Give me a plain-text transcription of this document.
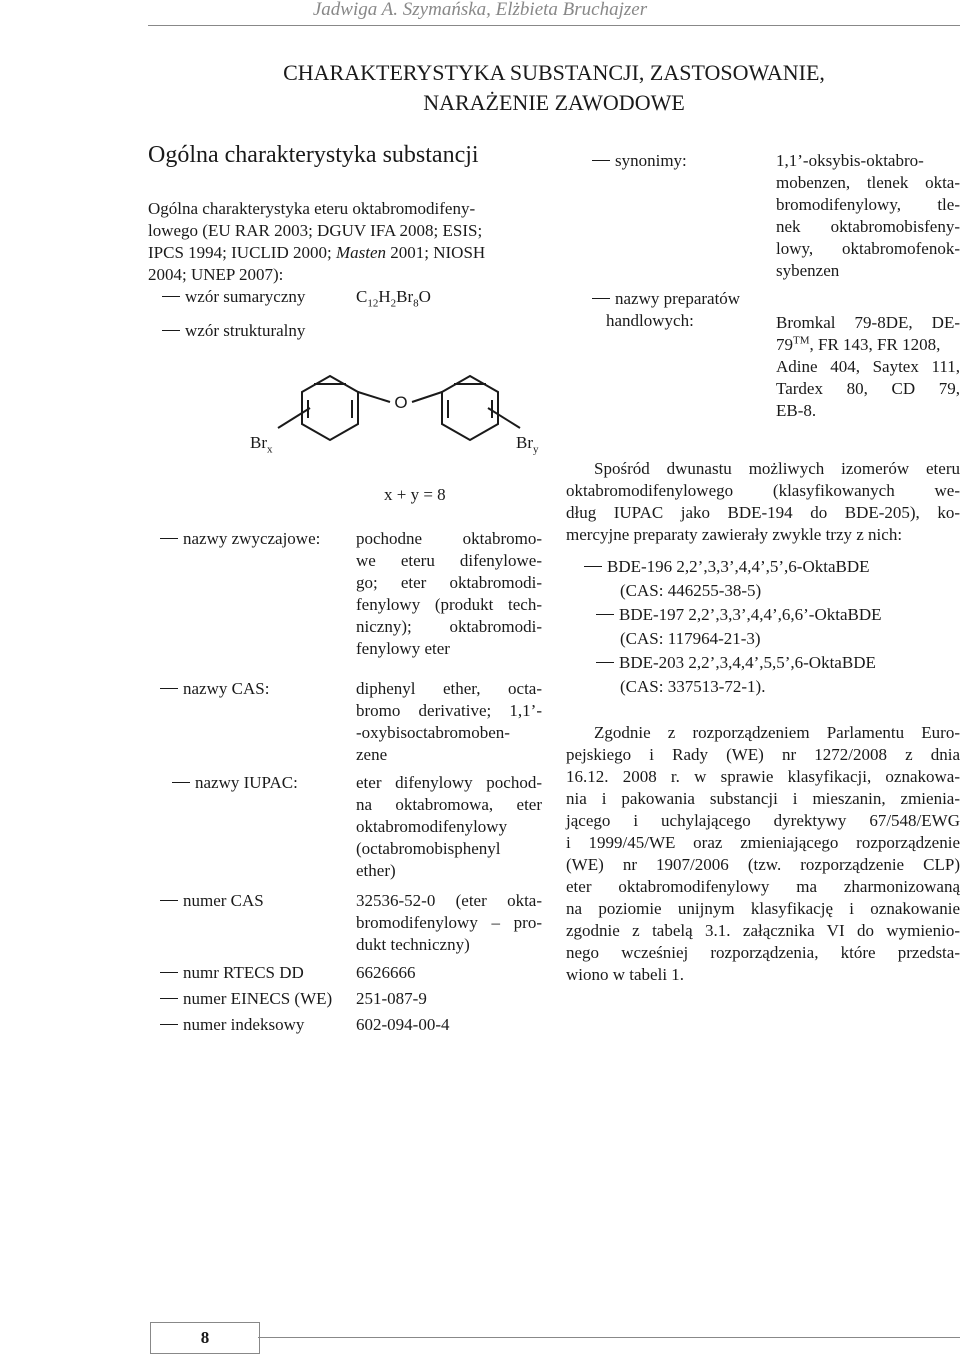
Jadwiga A. Szymańska, Elżbieta Bruchajzer
CHARAKTERYSTYKA SUBSTANCJI, ZASTOSOWANIE,
NARAŻENIE ZAWODOWE
Ogólna charakterystyka substancji
Ogólna charakterystyka eteru oktabromodifeny-
lowego (EU RAR 2003; DGUV IFA 2008; ESIS;
IPCS 1994; IUCLID 2000; Masten 2001; NIOSH
2004; UNEP 2007):
wzór sumaryczny	$C_{12}H_2Br_8O$
wzór strukturalny
O
$Br_x$	$Br_y$
x + y = 8
nazwy zwyczajowe: pochodne oktabromo-
we eteru difenylowe-
go; eter oktabromodi-
fenylowy (produkt tech-
niczny); oktabromodi-
fenylowy eter
nazwy CAS:	diphenyl ether, octa-
bromo derivative; 1,1’-
-oxybisoctabromoben-
zene
nazwy IUPAC:	eter difenylowy pochod-
na oktabromowa, eter
oktabromodifenylowy
(octabromobisphenyl
ether)
numer CAS	32536-52-0 (eter okta-
bromodifenylowy – pro-
dukt techniczny)
numr RTECS DD	6626666
numer EINECS (WE) 251-087-9
numer indeksowy	602-094-00-4
synonimy:	1,1’-oksybis-oktabro-
mobenzen, tlenek okta-
bromodifenylowy, tle-
nek oktabromobisfeny-
lowy, oktabromofenok-
sybenzen
nazwy preparatów
handlowych:	Bromkal 79-8DE, DE-
79™, FR 143, FR 1208,
Adine 404, Saytex 111,
Tardex 80, CD 79,
EB-8.
Spośród dwunastu możliwych izomerów eteru
oktabromodifenylowego (klasyfikowanych we-
dług IUPAC jako BDE-194 do BDE-205), ko-
mercyjne preparaty zawierały zwykle trzy z nich:
BDE-196 2,2’,3,3’,4,4’,5’,6-OktaBDE
(CAS: 446255-38-5)
BDE-197 2,2’,3,3’,4,4’,6,6’-OktaBDE
(CAS: 117964-21-3)
BDE-203 2,2’,3,4,4’,5,5’,6-OktaBDE
(CAS: 337513-72-1).
Zgodnie z rozporządzeniem Parlamentu Euro-
pejskiego i Rady (WE) nr 1272/2008 z dnia
16.12. 2008 r. w sprawie klasyfikacji, oznakowa-
nia i pakowania substancji i mieszanin, zmienia-
jącego i uchylającego dyrektywy 67/548/EWG
i 1999/45/WE oraz zmieniającego rozporządzenie
(WE) nr 1907/2006 (tzw. rozporządzenie CLP)
eter oktabromodifenylowy ma zharmonizowaną
na poziomie unijnym klasyfikację i oznakowanie
zgodnie z tabelą 3.1. załącznika VI do wymienio-
nego wcześniej rozporządzenia, które przedsta-
wiono w tabeli 1.
8
